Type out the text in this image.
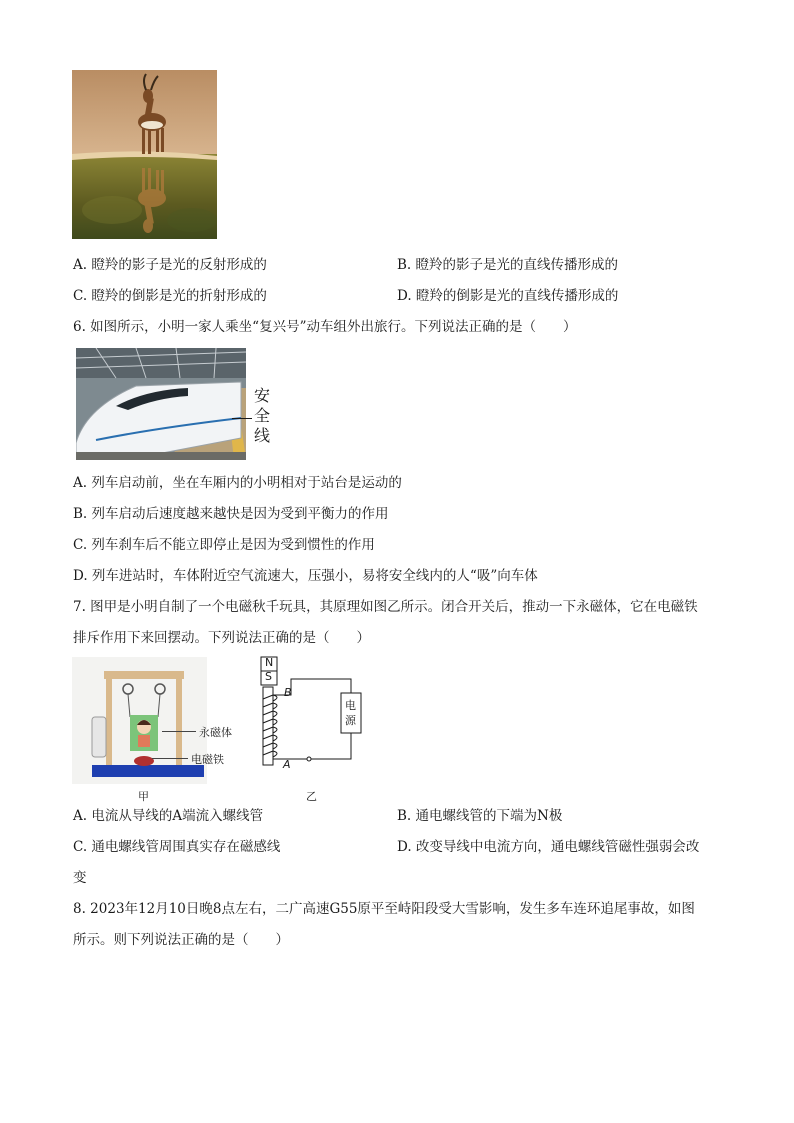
A. 瞪羚的影子是光的反射形成的	B. 瞪羚的影子是光的直线传播形成的
C. 瞪羚的倒影是光的折射形成的	D. 瞪羚的倒影是光的直线传播形成的
6. 如图所示，小明一家人乘坐“复兴号”动车组外出旅行。下列说法正确的是（　　）
安
全
线
A. 列车启动前，坐在车厢内的小明相对于站台是运动的
B. 列车启动后速度越来越快是因为受到平衡力的作用
C. 列车刹车后不能立即停止是因为受到惯性的作用
D. 列车进站时，车体附近空气流速大，压强小，易将安全线内的人“吸”向车体
7. 图甲是小明自制了一个电磁秋千玩具，其原理如图乙所示。闭合开关后，推动一下永磁体，它在电磁铁
排斥作用下来回摆动。下列说法正确的是（　　）
永磁体
电磁铁
甲
N
S
B
A
电
源
乙
A. 电流从导线的A端流入螺线管	B. 通电螺线管的下端为N极
C. 通电螺线管周围真实存在磁感线	D. 改变导线中电流方向，通电螺线管磁性强弱会改
变
8. 2023年12月10日晚8点左右，二广高速G55原平至峙阳段受大雪影响，发生多车连环追尾事故，如图
所示。则下列说法正确的是（　　）
